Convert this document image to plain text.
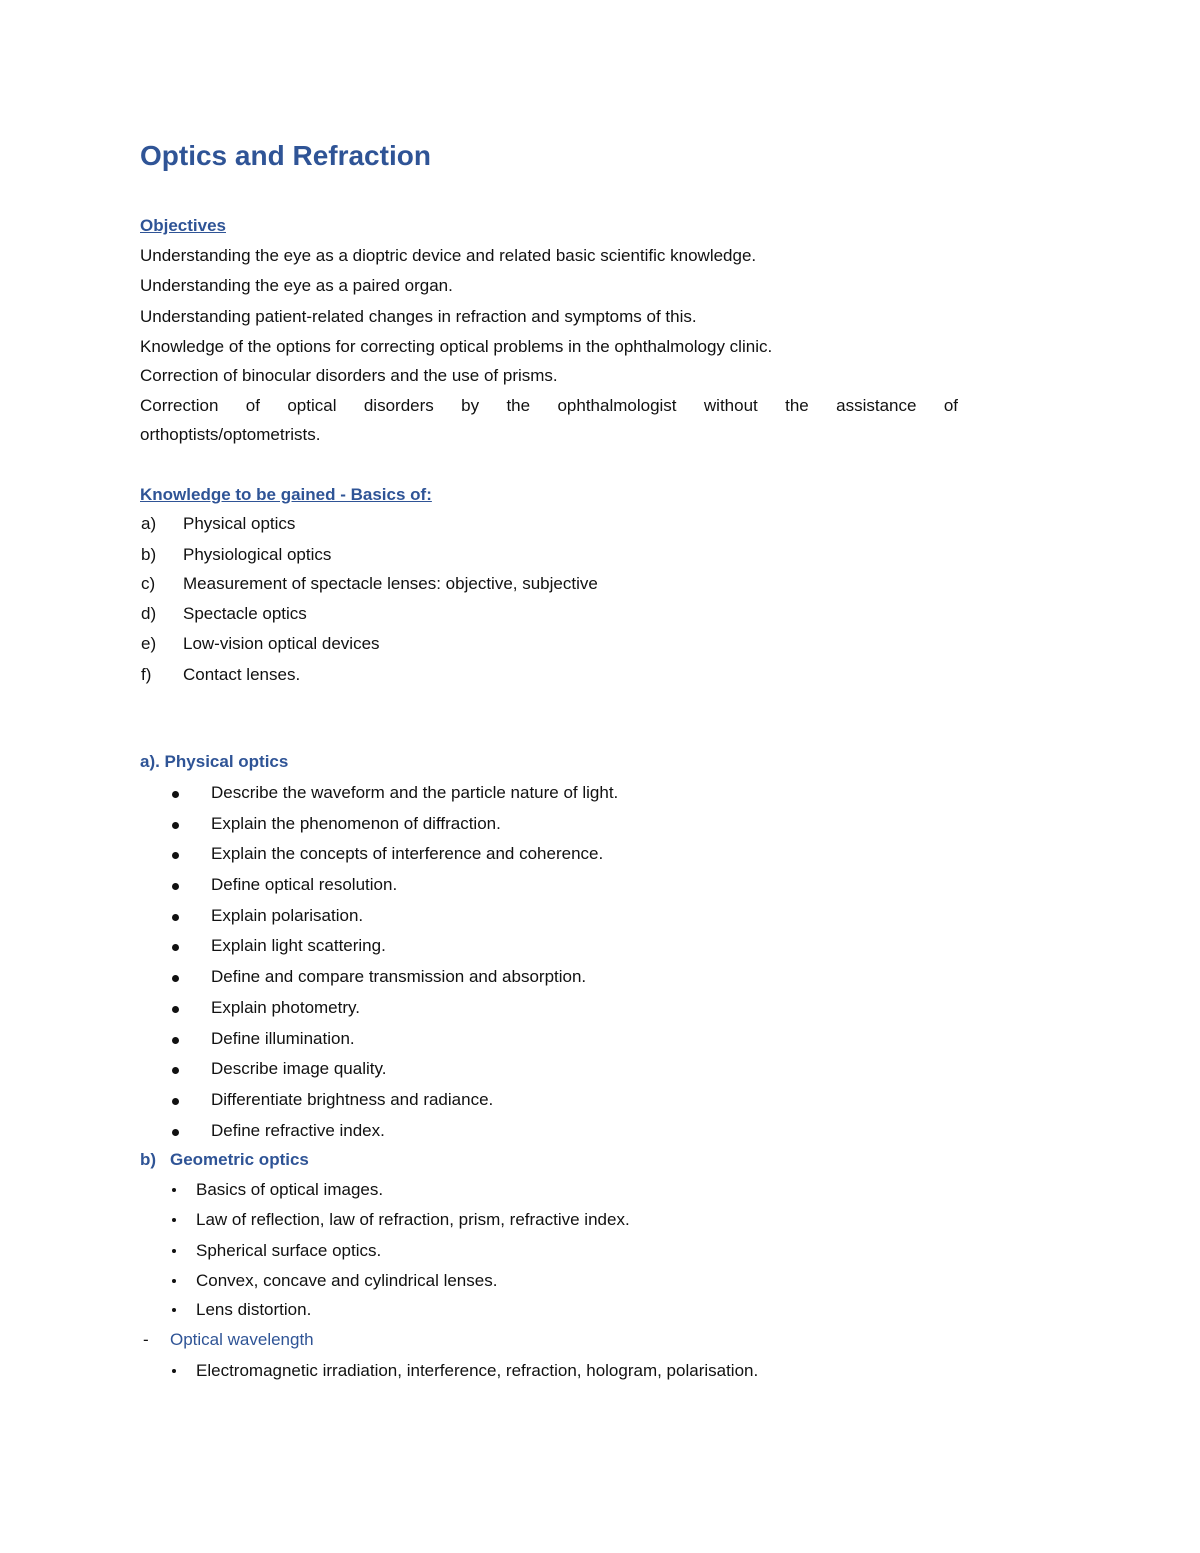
Optics and Refraction
Objectives
Understanding the eye as a dioptric device and related basic scientific knowledge.
Understanding the eye as a paired organ.
Understanding patient-related changes in refraction and symptoms of this.
Knowledge of the options for correcting optical problems in the ophthalmology clinic.
Correction of binocular disorders and the use of prisms.
Correction of optical disorders by the ophthalmologist without the assistance of
orthoptists/optometrists.
Knowledge to be gained - Basics of:
a) Physical optics
b) Physiological optics
c) Measurement of spectacle lenses: objective, subjective
d) Spectacle optics
e) Low-vision optical devices
f) Contact lenses.
a). Physical optics
Describe the waveform and the particle nature of light.
Explain the phenomenon of diffraction.
Explain the concepts of interference and coherence.
Define optical resolution.
Explain polarisation.
Explain light scattering.
Define and compare transmission and absorption.
Explain photometry.
Define illumination.
Describe image quality.
Differentiate brightness and radiance.
Define refractive index.
b) Geometric optics
Basics of optical images.
Law of reflection, law of refraction, prism, refractive index.
Spherical surface optics.
Convex, concave and cylindrical lenses.
Lens distortion.
- Optical wavelength
Electromagnetic irradiation, interference, refraction, hologram, polarisation.
